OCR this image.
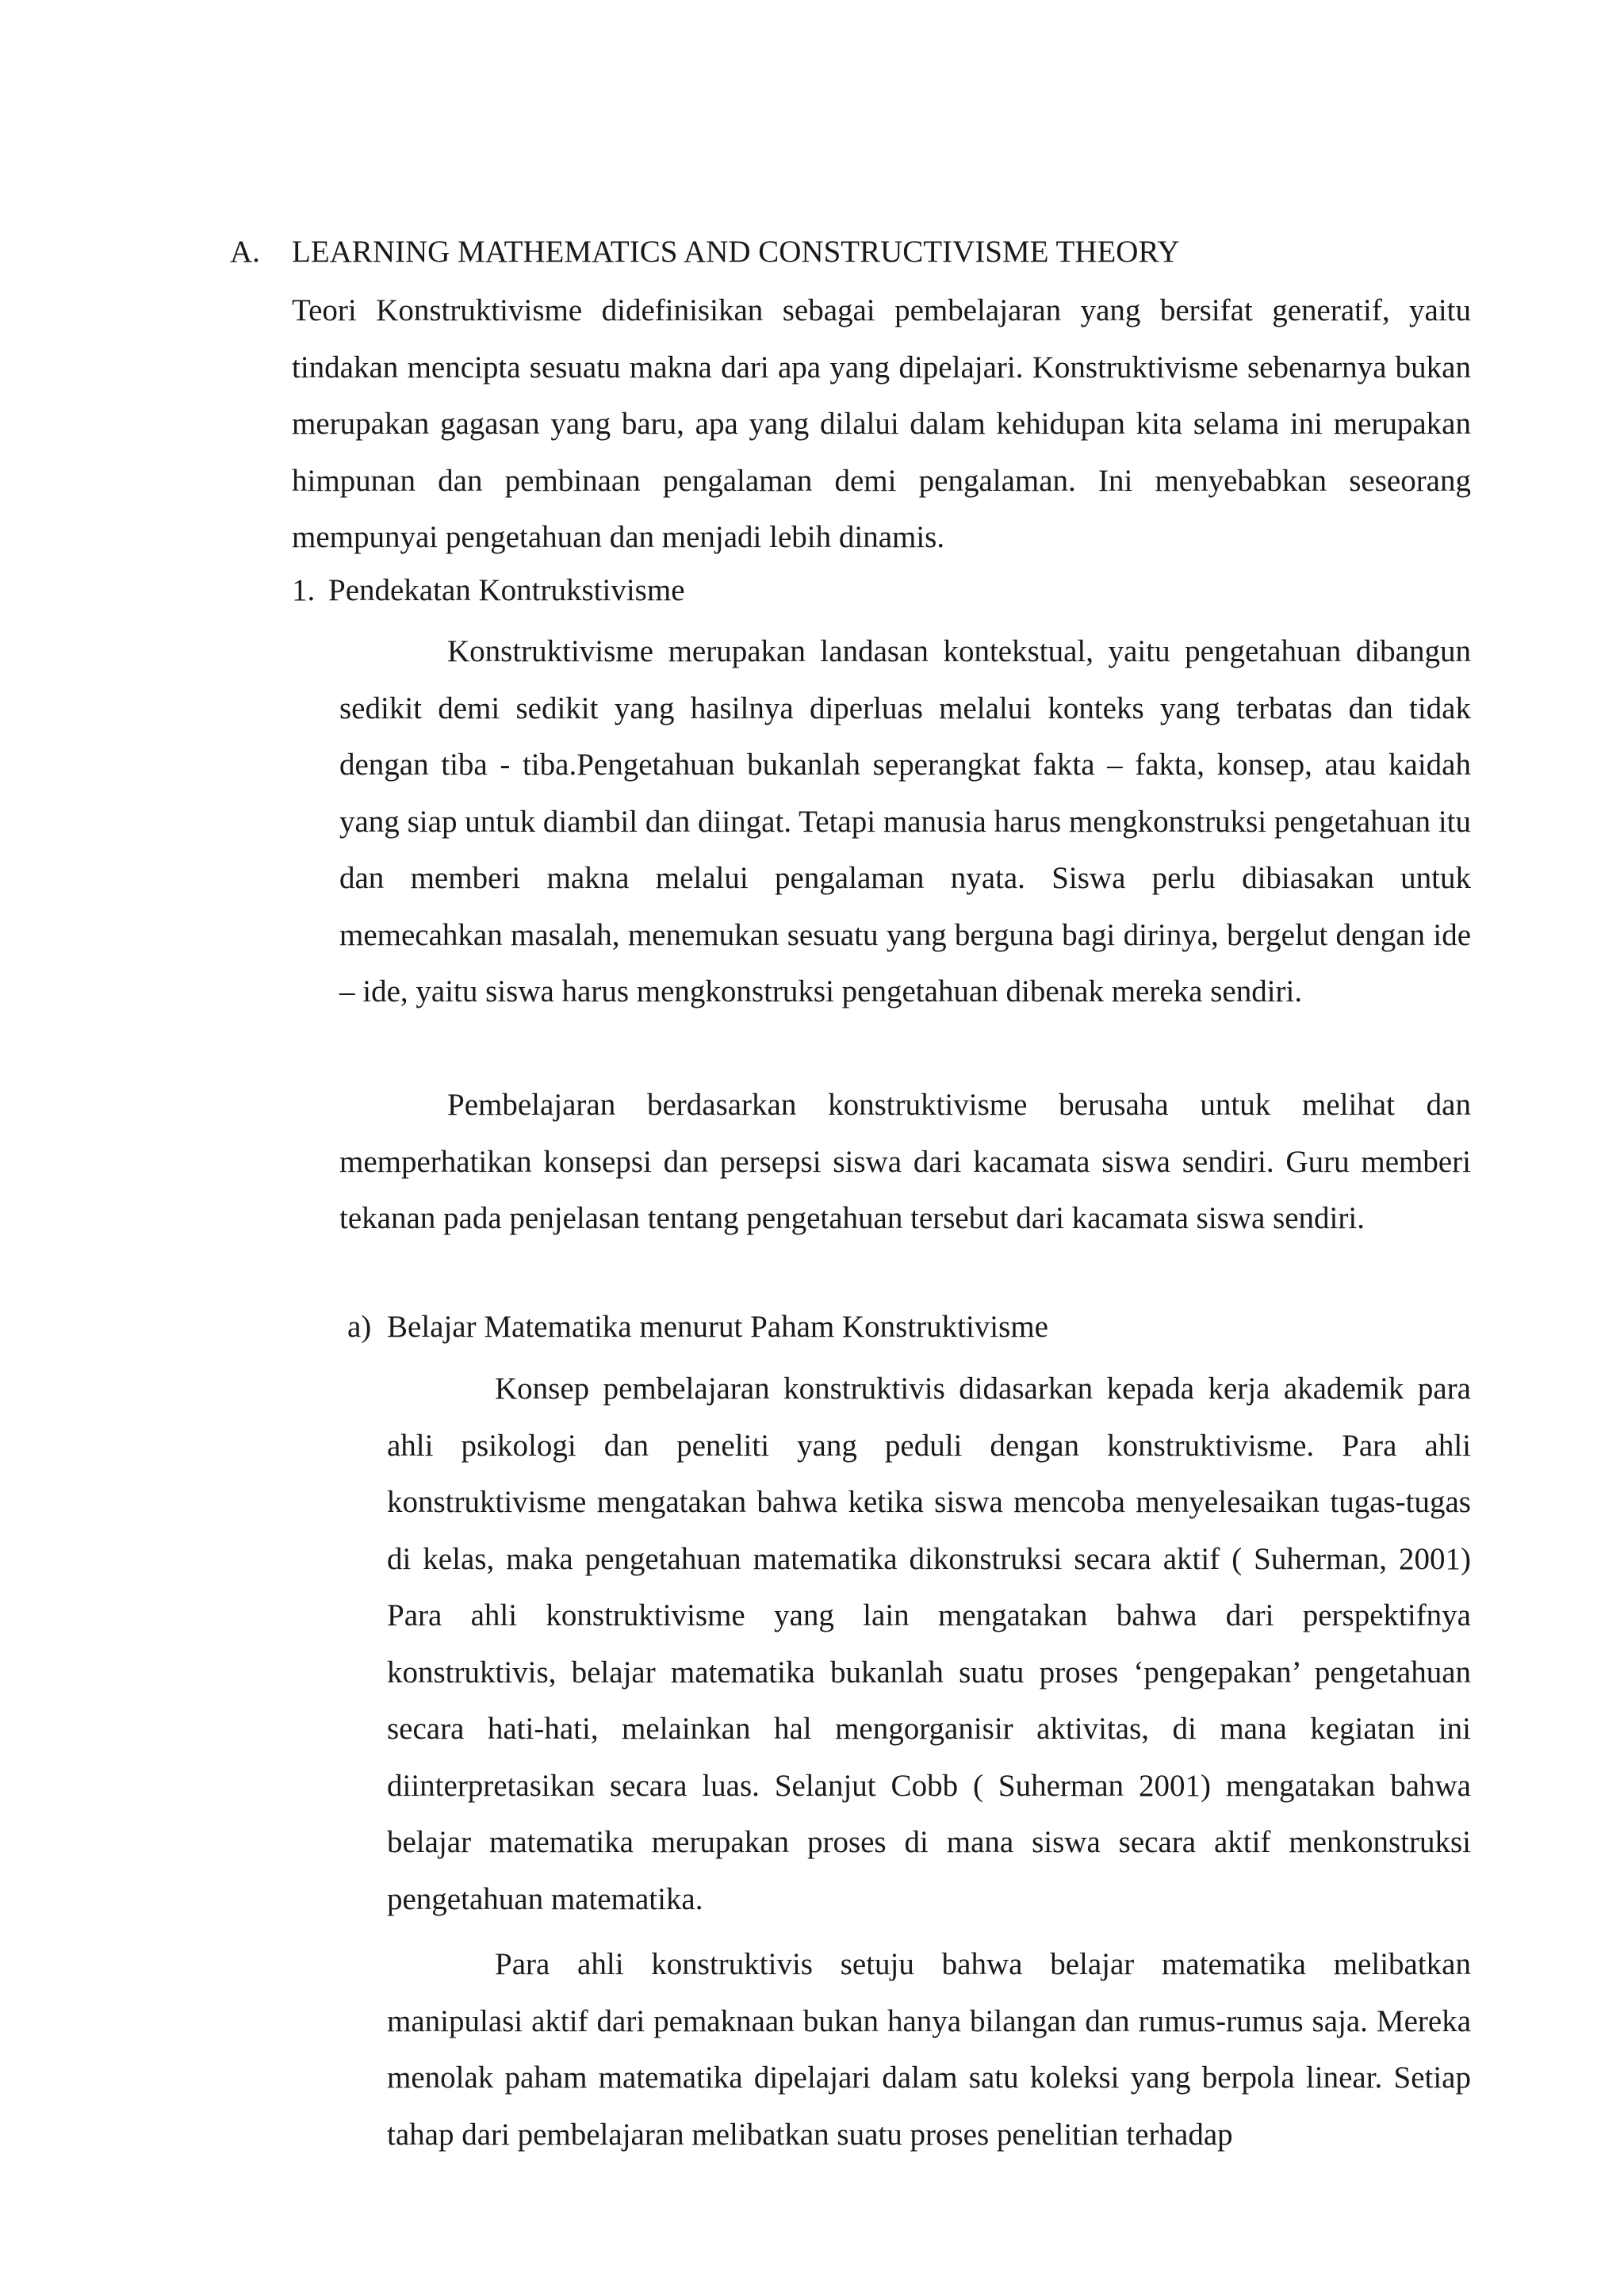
A. LEARNING MATHEMATICS AND CONSTRUCTIVISME THEORY

Teori Konstruktivisme didefinisikan sebagai pembelajaran yang bersifat generatif, yaitu tindakan mencipta sesuatu makna dari apa yang dipelajari. Konstruktivisme sebenarnya bukan merupakan gagasan yang baru, apa yang dilalui dalam kehidupan kita selama ini merupakan himpunan dan pembinaan pengalaman demi pengalaman. Ini menyebabkan seseorang mempunyai pengetahuan dan menjadi lebih dinamis.

1. Pendekatan Kontrukstivisme

Konstruktivisme merupakan landasan kontekstual, yaitu pengetahuan dibangun sedikit demi sedikit yang hasilnya diperluas melalui konteks yang terbatas dan tidak dengan tiba - tiba.Pengetahuan bukanlah seperangkat fakta – fakta, konsep, atau kaidah yang siap untuk diambil dan diingat. Tetapi manusia harus mengkonstruksi pengetahuan itu dan memberi makna melalui pengalaman nyata. Siswa perlu dibiasakan untuk memecahkan masalah, menemukan sesuatu yang berguna bagi dirinya, bergelut dengan ide – ide, yaitu siswa harus mengkonstruksi pengetahuan dibenak mereka sendiri.

Pembelajaran berdasarkan konstruktivisme berusaha untuk melihat dan memperhatikan konsepsi dan persepsi siswa dari kacamata siswa sendiri. Guru memberi tekanan pada penjelasan tentang pengetahuan tersebut dari kacamata siswa sendiri.

a) Belajar Matematika menurut Paham Konstruktivisme

Konsep pembelajaran konstruktivis didasarkan kepada kerja akademik para ahli psikologi dan peneliti yang peduli dengan konstruktivisme. Para ahli konstruktivisme mengatakan bahwa ketika siswa mencoba menyelesaikan tugas-tugas di kelas, maka pengetahuan matematika dikonstruksi secara aktif ( Suherman, 2001) Para ahli konstruktivisme yang lain mengatakan bahwa dari perspektifnya konstruktivis, belajar matematika bukanlah suatu proses ‘pengepakan’ pengetahuan secara hati-hati, melainkan hal mengorganisir aktivitas, di mana kegiatan ini diinterpretasikan secara luas. Selanjut Cobb ( Suherman 2001) mengatakan bahwa belajar matematika merupakan proses di mana siswa secara aktif menkonstruksi pengetahuan matematika.

Para ahli konstruktivis setuju bahwa belajar matematika melibatkan manipulasi aktif dari pemaknaan bukan hanya bilangan dan rumus-rumus saja. Mereka menolak paham matematika dipelajari dalam satu koleksi yang berpola linear. Setiap tahap dari pembelajaran melibatkan suatu proses penelitian terhadap
